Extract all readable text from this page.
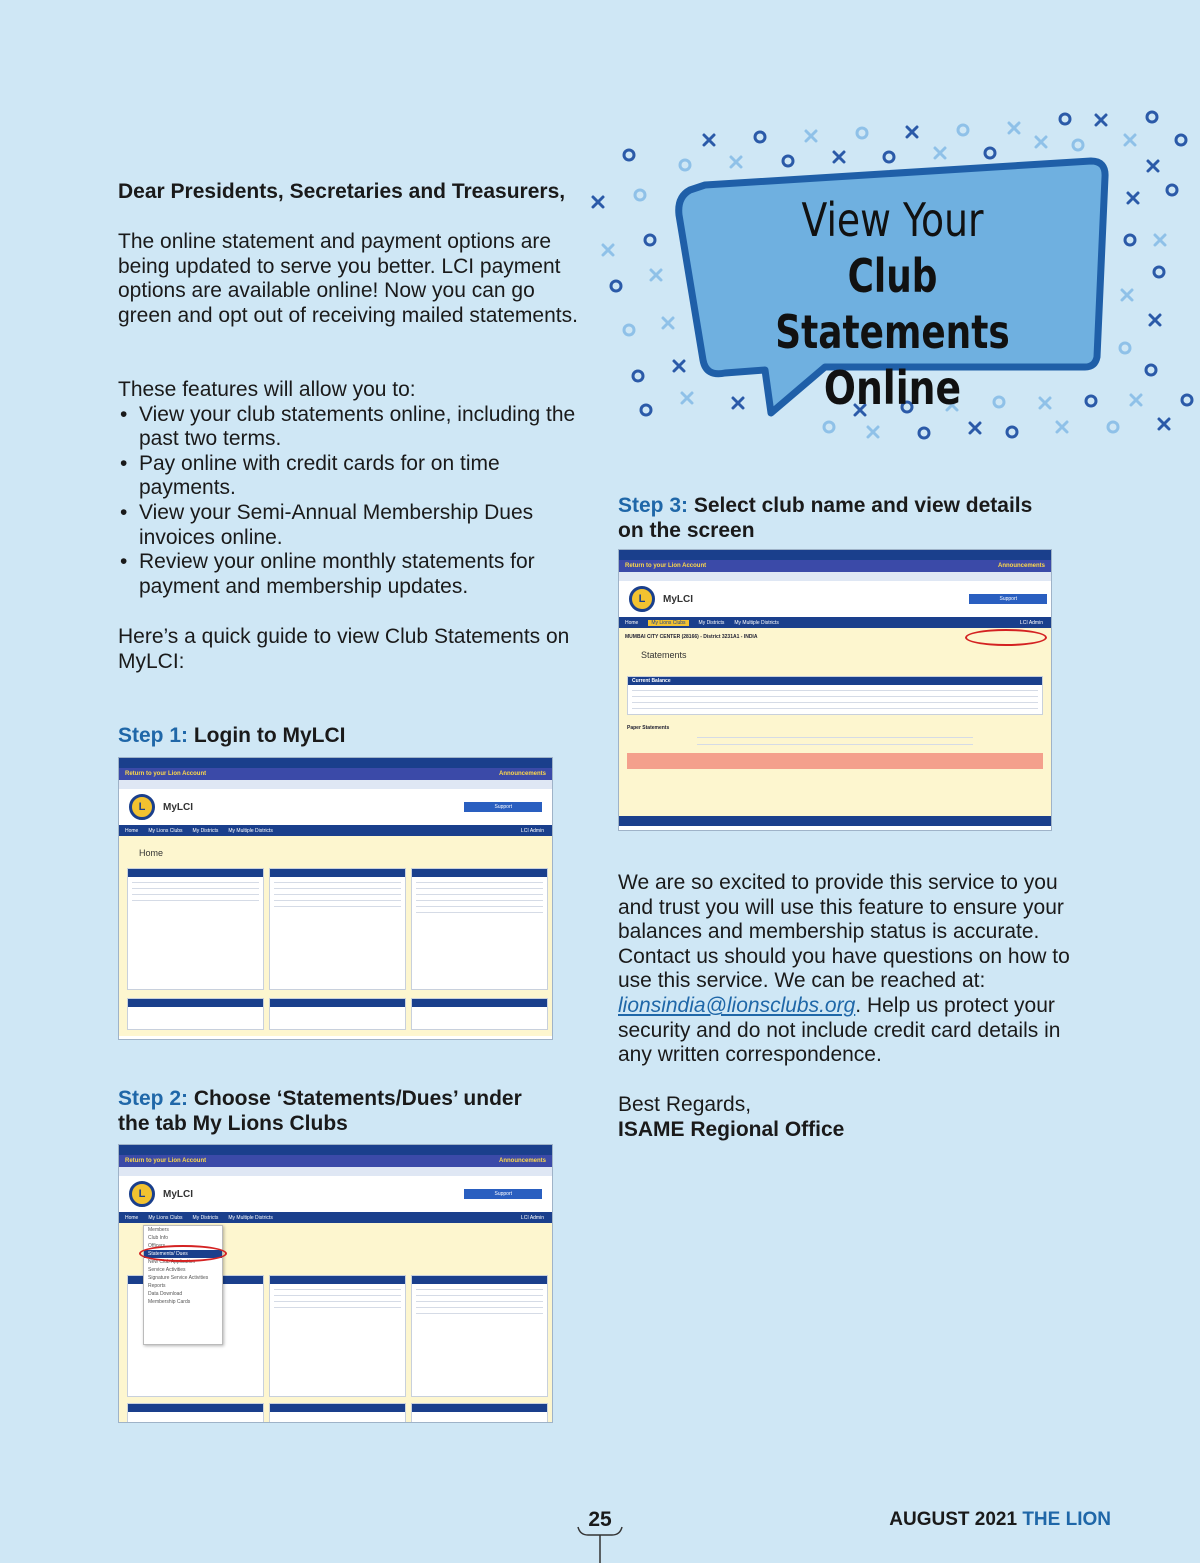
Dear Presidents, Secretaries and Treasurers,
The online statement and payment options are being updated to serve you better. LCI payment options are available online! Now you can go green and opt out of receiving mailed statements.
These features will allow you to:
• View your club statements online, including the past two terms.
• Pay online with credit cards for on time payments.
• View your Semi-Annual Membership Dues invoices online.
• Review your online monthly statements for payment and membership updates.
Here’s a quick guide to view Club Statements on MyLCI:
Step 1: Login to MyLCI
Return to your Lion Account	Announcements
L	MyLCI	Support
Home My Lions Clubs My Districts My Multiple Districts	LCI Admin
Home
Step 2: Choose ‘Statements/Dues’ under the tab My Lions Clubs
Return to your Lion Account	Announcements
L	MyLCI	Support
Home My Lions Clubs My Districts My Multiple Districts	LCI Admin
Members
Club Info
Officers
Statements/ Dues
New Club Application
Service Activities
Signature Service Activities
Reports
Data Download
Membership Cards
View Your
Club Statements
Online
Step 3: Select club name and view details on the screen
Return to your Lion Account	Announcements
L	MyLCI	Support
Home	My Lions Clubs	My Districts My Multiple Districts	LCI Admin
MUMBAI CITY CENTER (28166) - District 3231A1 - INDIA
Statements
Current Balance
Paper Statements
We are so excited to provide this service to you and trust you will use this feature to ensure your balances and membership status is accurate. Contact us should you have questions on how to use this service. We can be reached at: lionsindia@lionsclubs.org. Help us protect your security and do not include credit card details in any written correspondence.
Best Regards,
ISAME Regional Office
25	AUGUST 2021 THE LION
